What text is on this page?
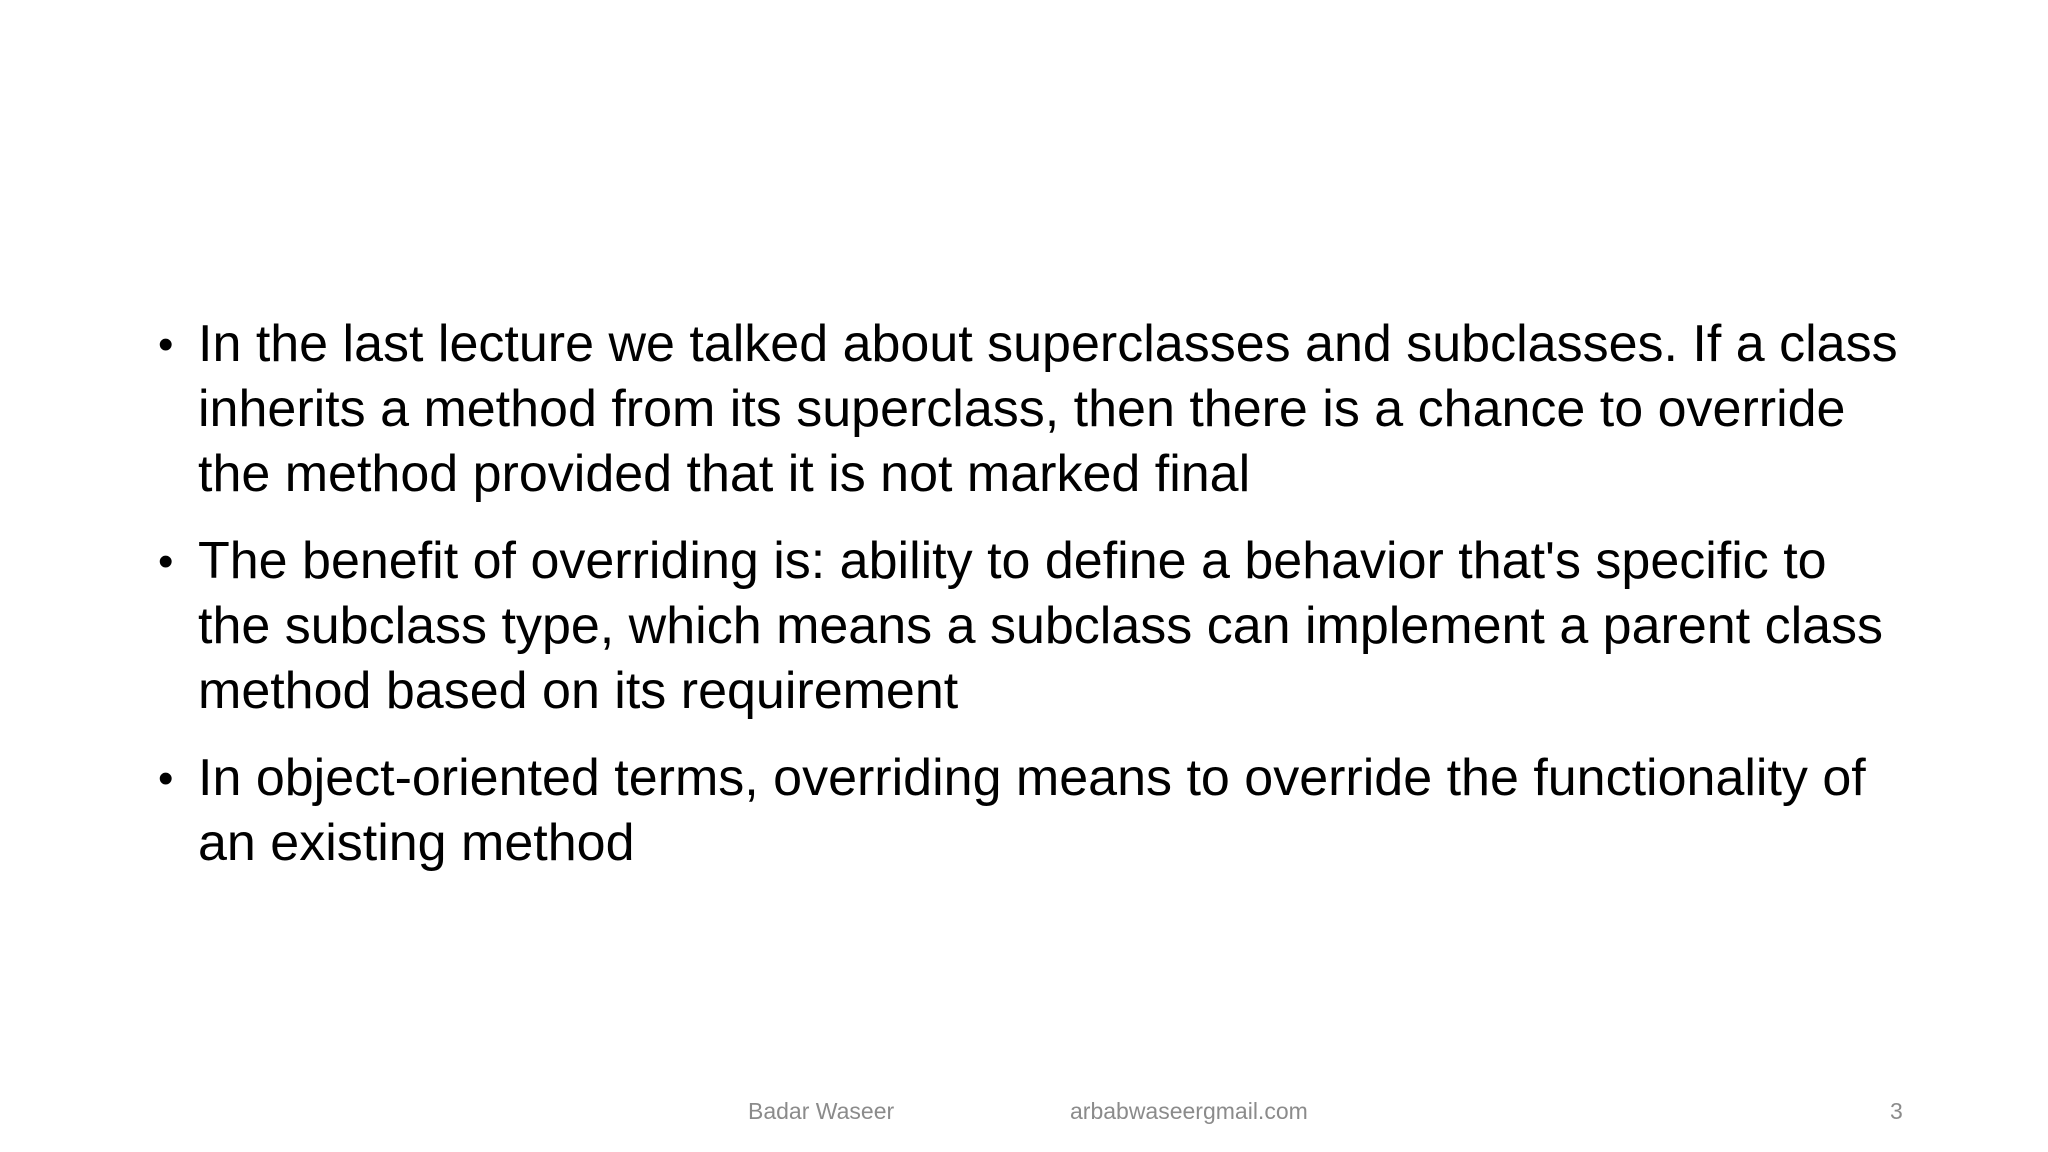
• In the last lecture we talked about superclasses and subclasses. If a class inherits a method from its superclass, then there is a chance to override the method provided that it is not marked final
• The benefit of overriding is: ability to define a behavior that's specific to the subclass type, which means a subclass can implement a parent class method based on its requirement
• In object-oriented terms, overriding means to override the functionality of an existing method
Badar Waseer	arbabwaseergmail.com	3
